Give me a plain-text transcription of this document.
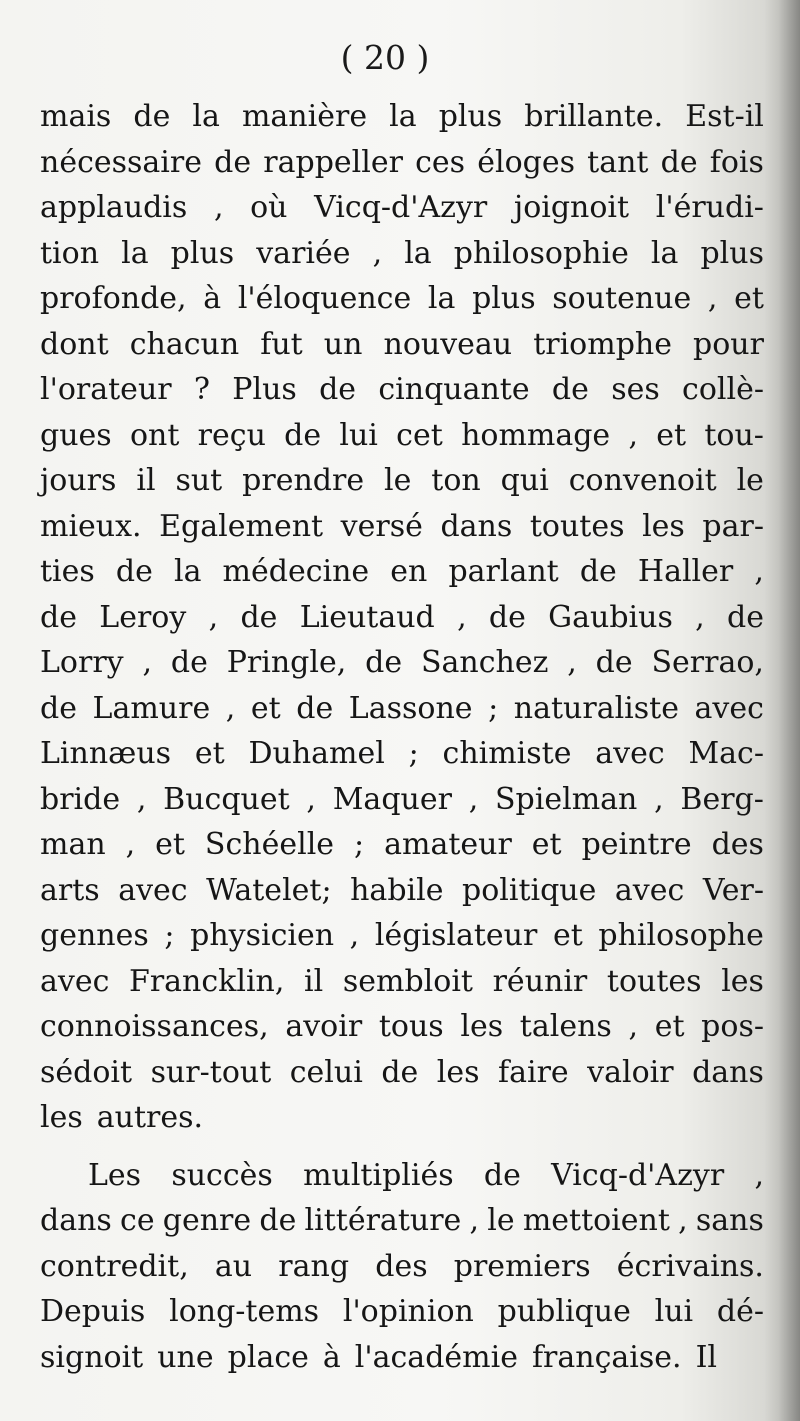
( 20 )
mais de la manière la plus brillante. Est-il
nécessaire de rappeller ces éloges tant de fois
applaudis , où Vicq-d'Azyr joignoit l'érudi-
tion la plus variée , la philosophie la plus
profonde, à l'éloquence la plus soutenue , et
dont chacun fut un nouveau triomphe pour
l'orateur ? Plus de cinquante de ses collè-
gues ont reçu de lui cet hommage , et tou-
jours il sut prendre le ton qui convenoit le
mieux. Egalement versé dans toutes les par-
ties de la médecine en parlant de Haller ,
de Leroy , de Lieutaud , de Gaubius , de
Lorry , de Pringle, de Sanchez , de Serrao,
de Lamure , et de Lassone ; naturaliste avec
Linnæus et Duhamel ; chimiste avec Mac-
bride , Bucquet , Maquer , Spielman , Berg-
man , et Schéelle ; amateur et peintre des
arts avec Watelet; habile politique avec Ver-
gennes ; physicien , législateur et philosophe
avec Francklin, il sembloit réunir toutes les
connoissances, avoir tous les talens , et pos-
sédoit sur-tout celui de les faire valoir dans
les autres.
Les succès multipliés de Vicq-d'Azyr ,
dans ce genre de littérature , le mettoient , sans
contredit, au rang des premiers écrivains.
Depuis long-tems l'opinion publique lui dé-
signoit une place à l'académie française. Il
